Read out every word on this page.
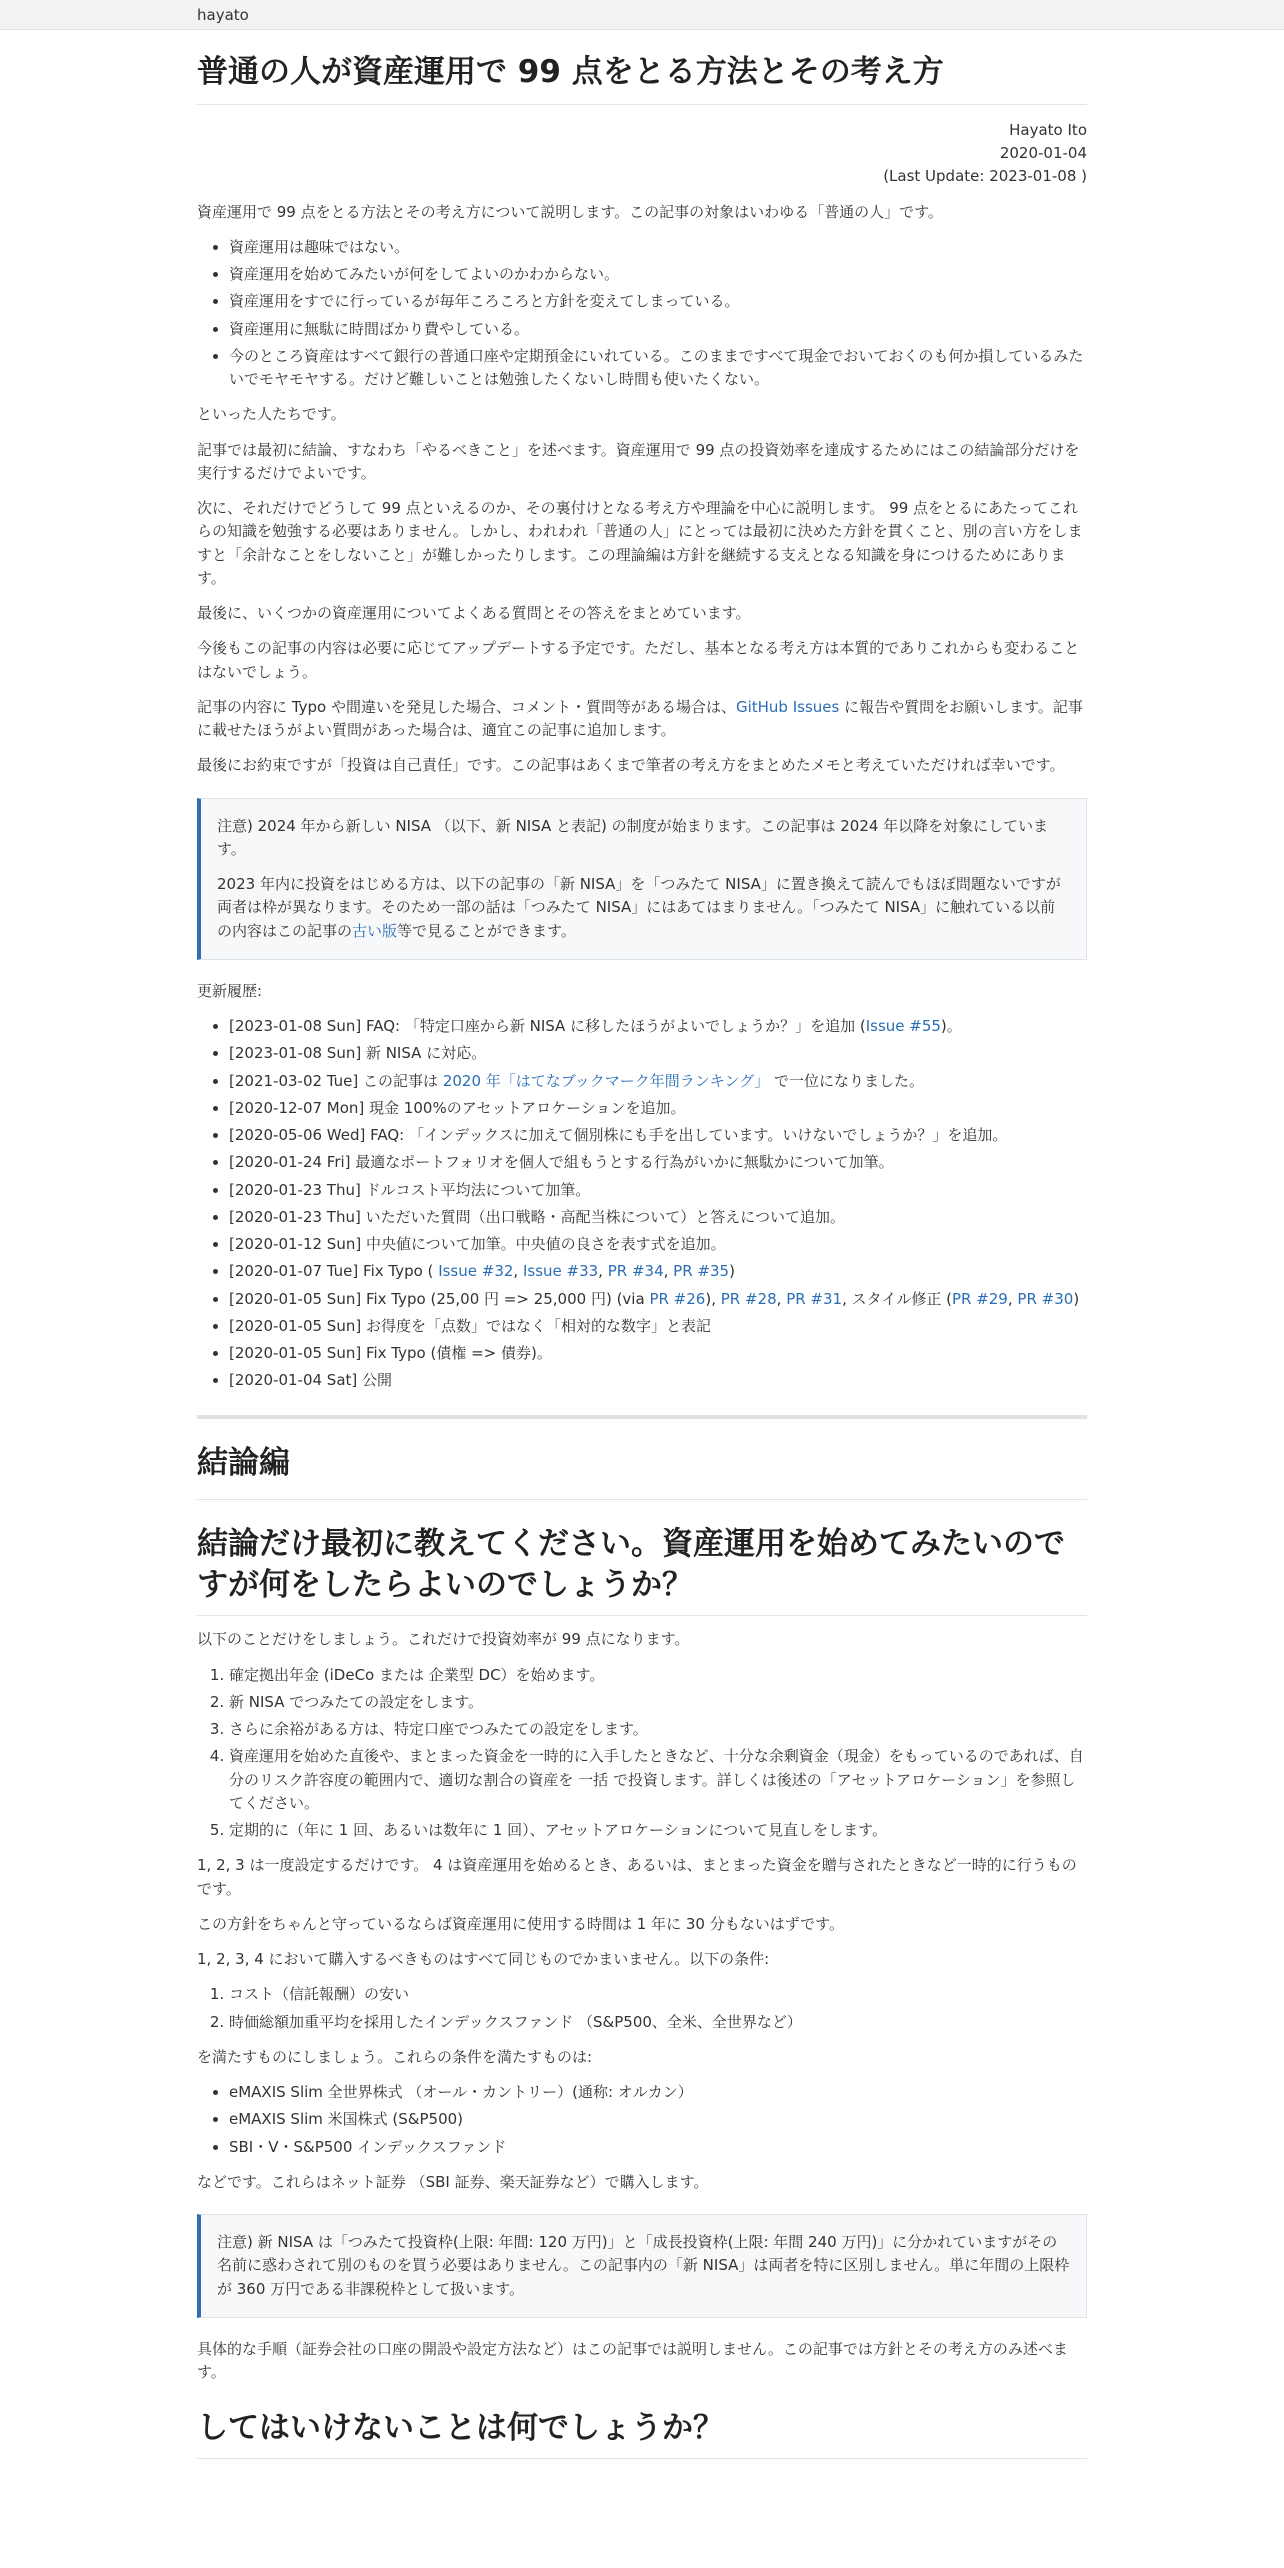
hayato
普通の人が資産運用で 99 点をとる方法とその考え方
Hayato Ito
2020-01-04
(Last Update: 2023-01-08 )

資産運用で 99 点をとる方法とその考え方について説明します。この記事の対象はいわゆる「普通の人」です。

• 資産運用は趣味ではない。
• 資産運用を始めてみたいが何をしてよいのかわからない。
• 資産運用をすでに行っているが毎年ころころと方針を変えてしまっている。
• 資産運用に無駄に時間ばかり費やしている。
• 今のところ資産はすべて銀行の普通口座や定期預金にいれている。このままですべて現金でおいておくのも何か損しているみたいでモヤモヤする。だけど難しいことは勉強したくないし時間も使いたくない。

といった人たちです。

記事では最初に結論、すなわち「やるべきこと」を述べます。資産運用で 99 点の投資効率を達成するためにはこの結論部分だけを実行するだけでよいです。

次に、それだけでどうして 99 点といえるのか、その裏付けとなる考え方や理論を中心に説明します。 99 点をとるにあたってこれらの知識を勉強する必要はありません。しかし、われわれ「普通の人」にとっては最初に決めた方針を貫くこと、別の言い方をしますと「余計なことをしないこと」が難しかったりします。この理論編は方針を継続する支えとなる知識を身につけるためにあります。

最後に、いくつかの資産運用についてよくある質問とその答えをまとめています。

今後もこの記事の内容は必要に応じてアップデートする予定です。ただし、基本となる考え方は本質的でありこれからも変わることはないでしょう。

記事の内容に Typo や間違いを発見した場合、コメント・質問等がある場合は、GitHub Issues に報告や質問をお願いします。記事に載せたほうがよい質問があった場合は、適宜この記事に追加します。

最後にお約束ですが「投資は自己責任」です。この記事はあくまで筆者の考え方をまとめたメモと考えていただければ幸いです。

注意) 2024 年から新しい NISA （以下、新 NISA と表記) の制度が始まります。この記事は 2024 年以降を対象にしています。

2023 年内に投資をはじめる方は、以下の記事の「新 NISA」を「つみたて NISA」に置き換えて読んでもほぼ問題ないですが両者は枠が異なります。そのため一部の話は「つみたて NISA」にはあてはまりません。「つみたて NISA」に触れている以前の内容はこの記事の古い版等で見ることができます。

更新履歴:

• [2023-01-08 Sun] FAQ: 「特定口座から新 NISA に移したほうがよいでしょうか？」を追加 (Issue #55)。
• [2023-01-08 Sun] 新 NISA に対応。
• [2021-03-02 Tue] この記事は 2020 年「はてなブックマーク年間ランキング」 で一位になりました。
• [2020-12-07 Mon] 現金 100%のアセットアロケーションを追加。
• [2020-05-06 Wed] FAQ: 「インデックスに加えて個別株にも手を出しています。いけないでしょうか？」を追加。
• [2020-01-24 Fri] 最適なポートフォリオを個人で組もうとする行為がいかに無駄かについて加筆。
• [2020-01-23 Thu] ドルコスト平均法について加筆。
• [2020-01-23 Thu] いただいた質問（出口戦略・高配当株について）と答えについて追加。
• [2020-01-12 Sun] 中央値について加筆。中央値の良さを表す式を追加。
• [2020-01-07 Tue] Fix Typo ( Issue #32, Issue #33, PR #34, PR #35)
• [2020-01-05 Sun] Fix Typo (25,00 円 => 25,000 円) (via PR #26), PR #28, PR #31, スタイル修正 (PR #29, PR #30)
• [2020-01-05 Sun] お得度を「点数」ではなく「相対的な数字」と表記
• [2020-01-05 Sun] Fix Typo (債権 => 債券)。
• [2020-01-04 Sat] 公開
結論編
結論だけ最初に教えてください。資産運用を始めてみたいのですが何をしたらよいのでしょうか？

以下のことだけをしましょう。これだけで投資効率が 99 点になります。

1. 確定拠出年金 (iDeCo または 企業型 DC）を始めます。
2. 新 NISA でつみたての設定をします。
3. さらに余裕がある方は、特定口座でつみたての設定をします。
4. 資産運用を始めた直後や、まとまった資金を一時的に入手したときなど、十分な余剰資金（現金）をもっているのであれば、自分のリスク許容度の範囲内で、適切な割合の資産を 一括 で投資します。詳しくは後述の「アセットアロケーション」を参照してください。
5. 定期的に（年に 1 回、あるいは数年に 1 回）、アセットアロケーションについて見直しをします。

1, 2, 3 は一度設定するだけです。 4 は資産運用を始めるとき、あるいは、まとまった資金を贈与されたときなど一時的に行うものです。

この方針をちゃんと守っているならば資産運用に使用する時間は 1 年に 30 分もないはずです。

1, 2, 3, 4 において購入するべきものはすべて同じものでかまいません。以下の条件:

1. コスト（信託報酬）の安い
2. 時価総額加重平均を採用したインデックスファンド （S&P500、全米、全世界など）

を満たすものにしましょう。これらの条件を満たすものは:

• eMAXIS Slim 全世界株式 （オール・カントリー）(通称: オルカン）
• eMAXIS Slim 米国株式 (S&P500)
• SBI・V・S&P500 インデックスファンド

などです。これらはネット証券 （SBI 証券、楽天証券など）で購入します。

注意) 新 NISA は「つみたて投資枠(上限: 年間: 120 万円)」と「成長投資枠(上限: 年間 240 万円)」に分かれていますがその名前に惑わされて別のものを買う必要はありません。この記事内の「新 NISA」は両者を特に区別しません。単に年間の上限枠が 360 万円である非課税枠として扱います。

具体的な手順（証券会社の口座の開設や設定方法など）はこの記事では説明しません。この記事では方針とその考え方のみ述べます。

してはいけないことは何でしょうか？
